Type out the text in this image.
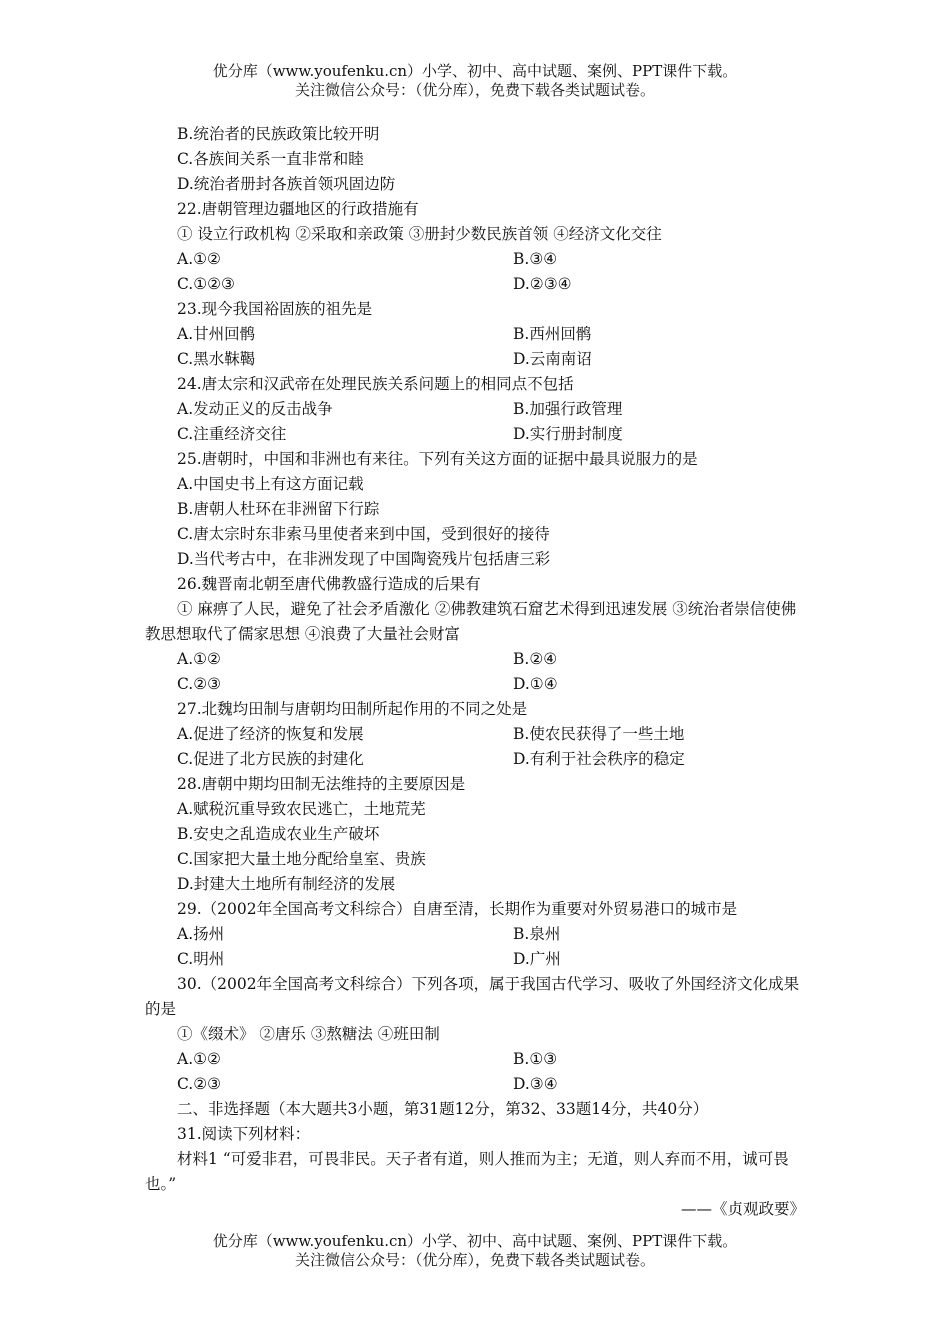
优分库（www.youfenku.cn）小学、初中、高中试题、案例、PPT课件下载。
关注微信公众号：（优分库），免费下载各类试题试卷。
B.统治者的民族政策比较开明
C.各族间关系一直非常和睦
D.统治者册封各族首领巩固边防
22.唐朝管理边疆地区的行政措施有
① 设立行政机构 ②采取和亲政策 ③册封少数民族首领 ④经济文化交往
A.①②	B.③④
C.①②③	D.②③④
23.现今我国裕固族的祖先是
A.甘州回鹘	B.西州回鹘
C.黑水靺鞨	D.云南南诏
24.唐太宗和汉武帝在处理民族关系问题上的相同点不包括
A.发动正义的反击战争	B.加强行政管理
C.注重经济交往	D.实行册封制度
25.唐朝时，中国和非洲也有来往。下列有关这方面的证据中最具说服力的是
A.中国史书上有这方面记载
B.唐朝人杜环在非洲留下行踪
C.唐太宗时东非索马里使者来到中国，受到很好的接待
D.当代考古中，在非洲发现了中国陶瓷残片包括唐三彩
26.魏晋南北朝至唐代佛教盛行造成的后果有
① 麻痹了人民，避免了社会矛盾激化 ②佛教建筑石窟艺术得到迅速发展 ③统治者崇信使佛教思想取代了儒家思想 ④浪费了大量社会财富
A.①②	B.②④
C.②③	D.①④
27.北魏均田制与唐朝均田制所起作用的不同之处是
A.促进了经济的恢复和发展	B.使农民获得了一些土地
C.促进了北方民族的封建化	D.有利于社会秩序的稳定
28.唐朝中期均田制无法维持的主要原因是
A.赋税沉重导致农民逃亡，土地荒芜
B.安史之乱造成农业生产破坏
C.国家把大量土地分配给皇室、贵族
D.封建大土地所有制经济的发展
29.（2002年全国高考文科综合）自唐至清，长期作为重要对外贸易港口的城市是
A.扬州	B.泉州
C.明州	D.广州
30.（2002年全国高考文科综合）下列各项，属于我国古代学习、吸收了外国经济文化成果的是
①《缀术》 ②唐乐 ③熬糖法 ④班田制
A.①②	B.①③
C.②③	D.③④
二、非选择题（本大题共3小题，第31题12分，第32、33题14分，共40分）
31.阅读下列材料：
材料1 “可爱非君，可畏非民。天子者有道，则人推而为主；无道，则人弃而不用，诚可畏也。”
——《贞观政要》
优分库（www.youfenku.cn）小学、初中、高中试题、案例、PPT课件下载。
关注微信公众号：（优分库），免费下载各类试题试卷。
